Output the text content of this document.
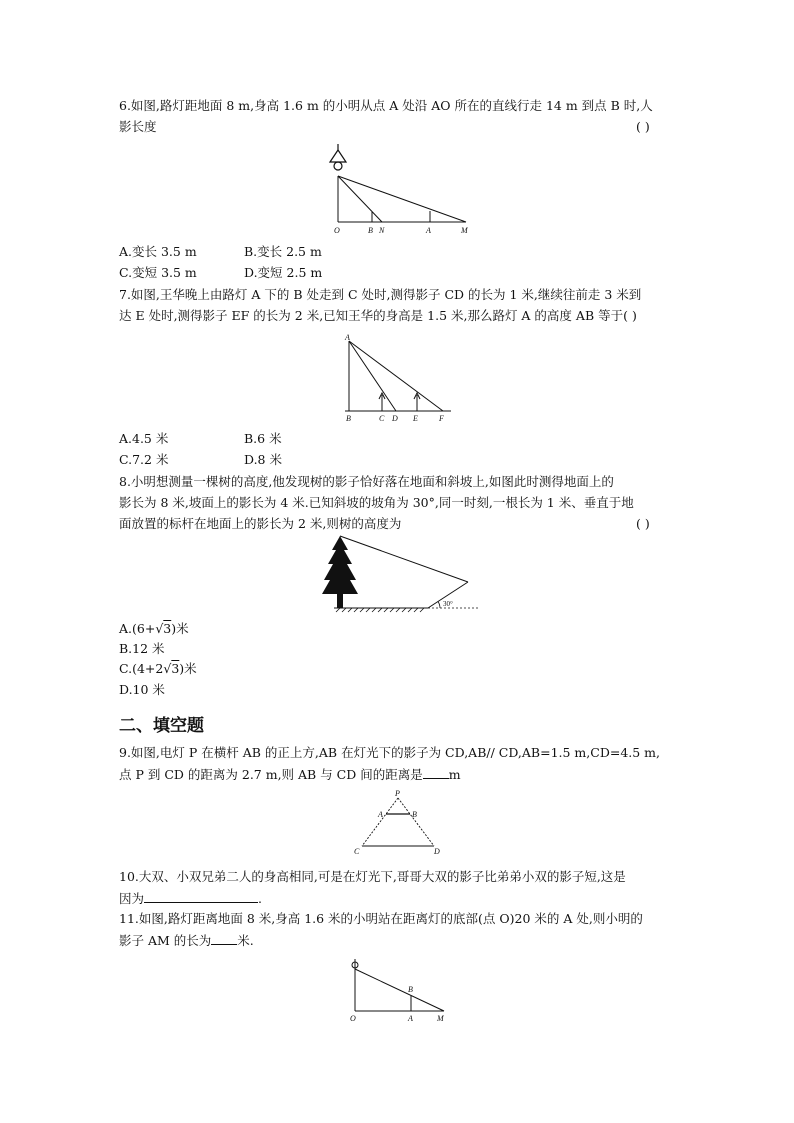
6.如图,路灯距地面 8 m,身高 1.6 m 的小明从点 A 处沿 AO 所在的直线行走 14 m 到点 B 时,人
影长度	( )
O	B N	A	M
A.变长 3.5 m	B.变长 2.5 m
C.变短 3.5 m	D.变短 2.5 m
7.如图,王华晚上由路灯 A 下的 B 处走到 C 处时,测得影子 CD 的长为 1 米,继续往前走 3 米到
达 E 处时,测得影子 EF 的长为 2 米,已知王华的身高是 1.5 米,那么路灯 A 的高度 AB 等于( )
A
B	C D E	F
A.4.5 米	B.6 米
C.7.2 米	D.8 米
8.小明想测量一棵树的高度,他发现树的影子恰好落在地面和斜坡上,如图此时测得地面上的
影长为 8 米,坡面上的影长为 4 米.已知斜坡的坡角为 30°,同一时刻,一根长为 1 米、垂直于地
面放置的标杆在地面上的影长为 2 米,则树的高度为	( )
30°
A.(6+√3)米
B.12 米
C.(4+2√3)米
D.10 米
二、填空题
9.如图,电灯 P 在横杆 AB 的正上方,AB 在灯光下的影子为 CD,AB// CD,AB=1.5 m,CD=4.5 m,
点 P 到 CD 的距离为 2.7 m,则 AB 与 CD 间的距离是 m
P
A	B
C	D
10.大双、小双兄弟二人的身高相同,可是在灯光下,哥哥大双的影子比弟弟小双的影子短,这是
因为	.
11.如图,路灯距离地面 8 米,身高 1.6 米的小明站在距离灯的底部(点 O)20 米的 A 处,则小明的
影子 AM 的长为 米.
O	A
B
M
